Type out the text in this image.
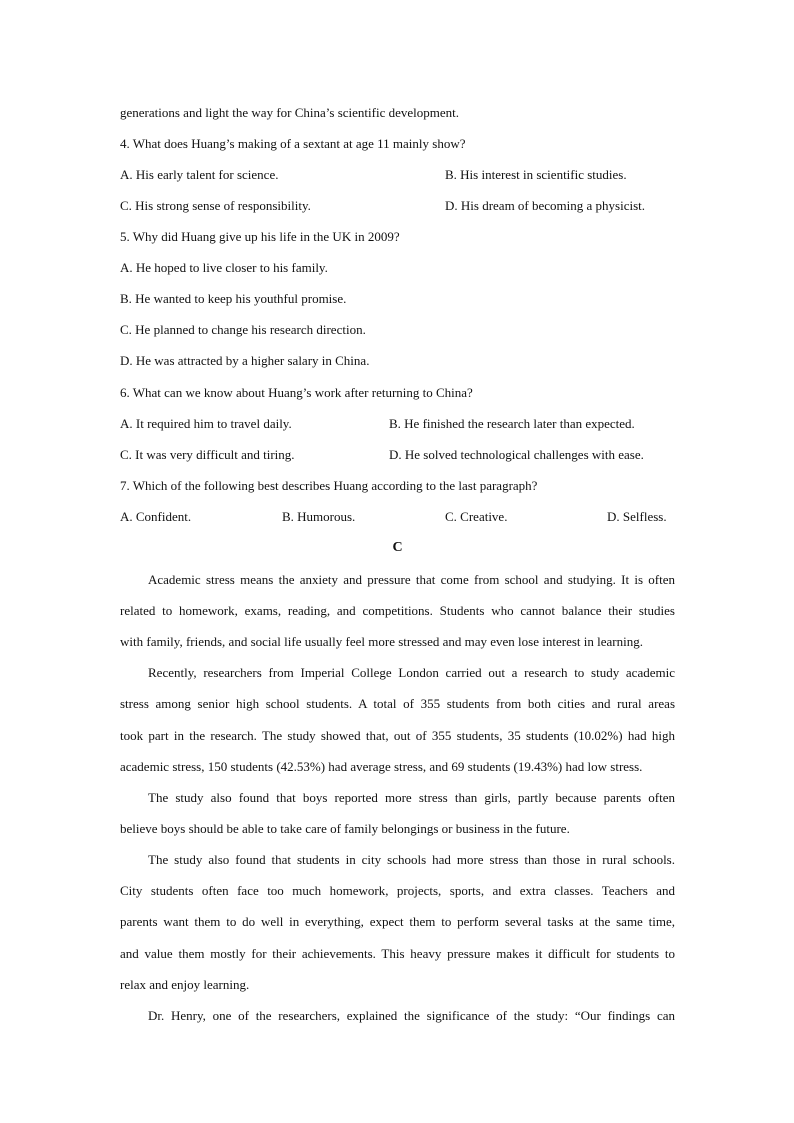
generations and light the way for China’s scientific development.
4. What does Huang’s making of a sextant at age 11 mainly show?
A. His early talent for science.	B. His interest in scientific studies.
C. His strong sense of responsibility.	D. His dream of becoming a physicist.
5. Why did Huang give up his life in the UK in 2009?
A. He hoped to live closer to his family.
B. He wanted to keep his youthful promise.
C. He planned to change his research direction.
D. He was attracted by a higher salary in China.
6. What can we know about Huang’s work after returning to China?
A. It required him to travel daily.	B. He finished the research later than expected.
C. It was very difficult and tiring.	D. He solved technological challenges with ease.
7. Which of the following best describes Huang according to the last paragraph?
A. Confident.	B. Humorous.	C. Creative.	D. Selfless.
C
Academic stress means the anxiety and pressure that come from school and studying. It is often
related to homework, exams, reading, and competitions. Students who cannot balance their studies
with family, friends, and social life usually feel more stressed and may even lose interest in learning.
Recently, researchers from Imperial College London carried out a research to study academic
stress among senior high school students. A total of 355 students from both cities and rural areas
took part in the research. The study showed that, out of 355 students, 35 students (10.02%) had high
academic stress, 150 students (42.53%) had average stress, and 69 students (19.43%) had low stress.
The study also found that boys reported more stress than girls, partly because parents often
believe boys should be able to take care of family belongings or business in the future.
The study also found that students in city schools had more stress than those in rural schools.
City students often face too much homework, projects, sports, and extra classes. Teachers and
parents want them to do well in everything, expect them to perform several tasks at the same time,
and value them mostly for their achievements. This heavy pressure makes it difficult for students to
relax and enjoy learning.
Dr. Henry, one of the researchers, explained the significance of the study: “Our findings can
